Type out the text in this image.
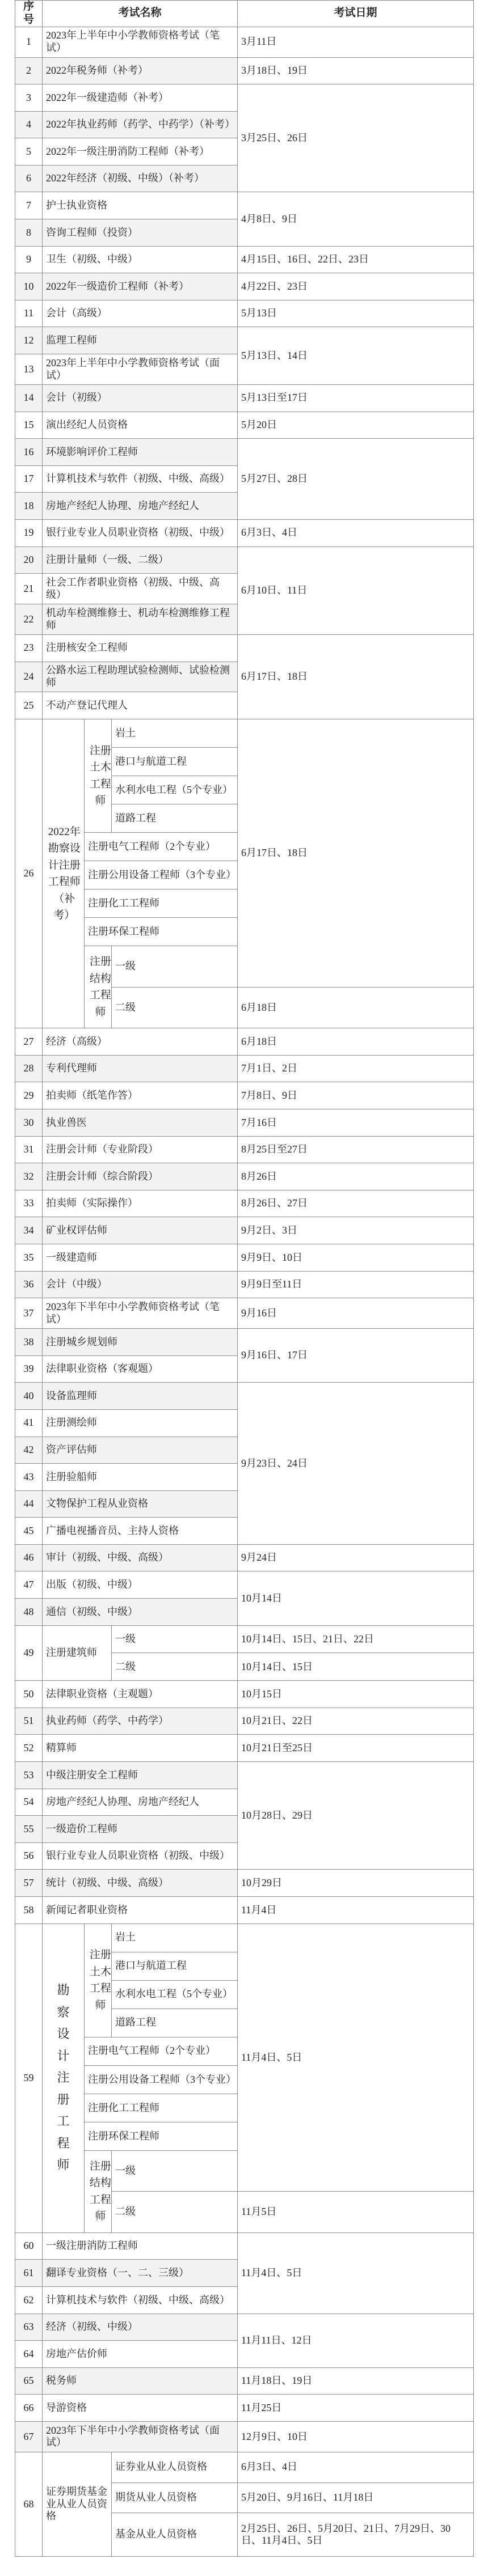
序号	考试名称			考试日期
1	2023年上半年中小学教师资格考试（笔试）			3月11日
2	2022年税务师（补考）			3月18日、19日
3	2022年一级建造师（补考）			3月25日、26日
4	2022年执业药师（药学、中药学）（补考）			
5	2022年一级注册消防工程师（补考）			
6	2022年经济（初级、中级）（补考）			
7	护士执业资格			4月8日、9日
8	咨询工程师（投资）			
9	卫生（初级、中级）			4月15日、16日、22日、23日
10	2022年一级造价工程师（补考）			4月22日、23日
11	会计（高级）			5月13日
12	监理工程师			5月13日、14日
13	2023年上半年中小学教师资格考试（面试）			
14	会计（初级）			5月13日至17日
15	演出经纪人员资格			5月20日
16	环境影响评价工程师			5月27日、28日
17	计算机技术与软件（初级、中级、高级）			
18	房地产经纪人协理、房地产经纪人			
19	银行业专业人员职业资格（初级、中级）			6月3日、4日
20	注册计量师（一级、二级）			6月10日、11日
21	社会工作者职业资格（初级、中级、高级）			
22	机动车检测维修士、机动车检测维修工程师			
23	注册核安全工程师			6月17日、18日
24	公路水运工程助理试验检测师、试验检测师			
25	不动产登记代理人			
26	2022年勘察设计注册工程师（补考）	注册土木工程师	岩土	6月17日、18日
			港口与航道工程	
			水利水电工程（5个专业）	
			道路工程	
		注册电气工程师（2个专业）		
		注册公用设备工程师（3个专业）		
		注册化工工程师		
		注册环保工程师		
		注册结构工程师	一级	
			二级	6月18日
27	经济（高级）			6月18日
28	专利代理师			7月1日、2日
29	拍卖师（纸笔作答）			7月8日、9日
30	执业兽医			7月16日
31	注册会计师（专业阶段）			8月25日至27日
32	注册会计师（综合阶段）			8月26日
33	拍卖师（实际操作）			8月26日、27日
34	矿业权评估师			9月2日、3日
35	一级建造师			9月9日、10日
36	会计（中级）			9月9日至11日
37	2023年下半年中小学教师资格考试（笔试）			9月16日
38	注册城乡规划师			9月16日、17日
39	法律职业资格（客观题）			
40	设备监理师			9月23日、24日
41	注册测绘师			
42	资产评估师			
43	注册验船师			
44	文物保护工程从业资格			
45	广播电视播音员、主持人资格			
46	审计（初级、中级、高级）			9月24日
47	出版（初级、中级）			10月14日
48	通信（初级、中级）			
49	注册建筑师		一级	10月14日、15日、21日、22日
			二级	10月14日、15日
50	法律职业资格（主观题）			10月15日
51	执业药师（药学、中药学）			10月21日、22日
52	精算师			10月21日至25日
53	中级注册安全工程师			10月28日、29日
54	房地产经纪人协理、房地产经纪人			
55	一级造价工程师			
56	银行业专业人员职业资格（初级、中级）			
57	统计（初级、中级、高级）			10月29日
58	新闻记者职业资格			11月4日
59	勘察设计注册工程师	注册土木工程师	岩土	11月4日、5日
			港口与航道工程	
			水利水电工程（5个专业）	
			道路工程	
		注册电气工程师（2个专业）		
		注册公用设备工程师（3个专业）		
		注册化工工程师		
		注册环保工程师		
		注册结构工程师	一级	
			二级	11月5日
60	一级注册消防工程师			11月4日、5日
61	翻译专业资格（一、二、三级）			
62	计算机技术与软件（初级、中级、高级）			
63	经济（初级、中级）			11月11日、12日
64	房地产估价师			
65	税务师			11月18日、19日
66	导游资格			11月25日
67	2023年下半年中小学教师资格考试（面试）			12月9日、10日
68	证券期货基金业从业人员资格		证券业从业人员资格	6月3日、4日
			期货从业人员资格	5月20日、9月16日、11月18日
			基金从业人员资格	2月25日、26日、5月20日、21日、7月29日、30日、11月4日、5日
